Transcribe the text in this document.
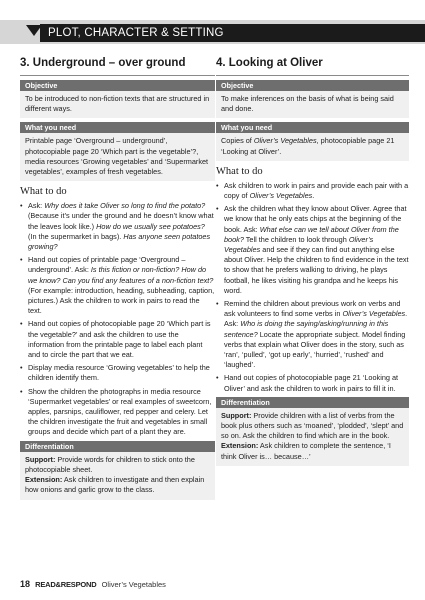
PLOT, CHARACTER & SETTING
3. Underground – over ground
Objective
To be introduced to non-fiction texts that are structured in different ways.
What you need
Printable page ‘Overground – underground’, photocopiable page 20 ‘Which part is the vegetable’?, media resources ‘Growing vegetables’ and ‘Supermarket vegetables’, examples of fresh vegetables.
What to do
• Ask: Why does it take Oliver so long to find the potato? (Because it’s under the ground and he doesn’t know what the leaves look like.) How do we usually see potatoes? (In the supermarket in bags). Has anyone seen potatoes growing?
• Hand out copies of printable page ‘Overground – underground’. Ask: Is this fiction or non-fiction? How do we know? Can you find any features of a non-fiction text? (For example: introduction, heading, subheading, caption, pictures.) Ask the children to work in pairs to read the text.
• Hand out copies of photocopiable page 20 ‘Which part is the vegetable?’ and ask the children to use the information from the printable page to label each plant and to circle the part that we eat.
• Display media resource ‘Growing vegetables’ to help the children identify them.
• Show the children the photographs in media resource ‘Supermarket vegetables’ or real examples of sweetcorn, apples, parsnips, cauliflower, red pepper and celery. Let the children investigate the fruit and vegetables in small groups and decide which part of a plant they are.
Differentiation
Support: Provide words for children to stick onto the photocopiable sheet.
Extension: Ask children to investigate and then explain how onions and garlic grow to the class.
4. Looking at Oliver
Objective
To make inferences on the basis of what is being said and done.
What you need
Copies of Oliver’s Vegetables, photocopiable page 21 ‘Looking at Oliver’.
What to do
• Ask children to work in pairs and provide each pair with a copy of Oliver’s Vegetables.
• Ask the children what they know about Oliver. Agree that we know that he only eats chips at the beginning of the book. Ask: What else can we tell about Oliver from the book? Tell the children to look through Oliver’s Vegetables and see if they can find out anything else about Oliver. Help the children to find evidence in the text to show that he prefers walking to driving, he plays football, he likes visiting his grandpa and he keeps his word.
• Remind the children about previous work on verbs and ask volunteers to find some verbs in Oliver’s Vegetables. Ask: Who is doing the saying/asking/running in this sentence? Locate the appropriate subject. Model finding verbs that explain what Oliver does in the story, such as ‘ran’, ‘pulled’, ‘got up early’, ‘hurried’, ‘rushed’ and ‘laughed’.
• Hand out copies of photocopiable page 21 ‘Looking at Oliver’ and ask the children to work in pairs to fill it in.
Differentiation
Support: Provide children with a list of verbs from the book plus others such as ‘moaned’, ‘plodded’, ‘slept’ and so on. Ask the children to find which are in the book.
Extension: Ask children to complete the sentence, ‘I think Oliver is… because…’
18 READ&RESPOND Oliver’s Vegetables
